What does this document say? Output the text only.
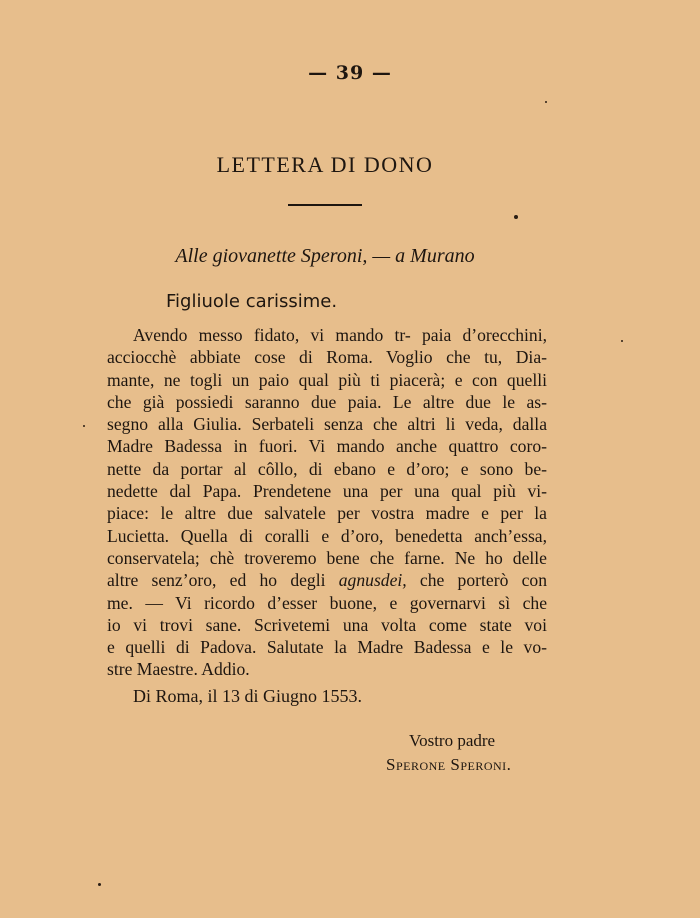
— 39 —
LETTERA DI DONO
Alle giovanette Speroni, — a Murano
Figliuole carissime.
Avendo messo fidato, vi mando tr- paia d’orecchini,
acciocchè abbiate cose di Roma. Voglio che tu, Dia-
mante, ne togli un paio qual più ti piacerà; e con quelli
che già possiedi saranno due paia. Le altre due le as-
segno alla Giulia. Serbateli senza che altri li veda, dalla
Madre Badessa in fuori. Vi mando anche quattro coro-
nette da portar al côllo, di ebano e d’oro; e sono be-
nedette dal Papa. Prendetene una per una qual più vi-
piace: le altre due salvatele per vostra madre e per la
Lucietta. Quella di coralli e d’oro, benedetta anch’essa,
conservatela; chè troveremo bene che farne. Ne ho delle
altre senz’oro, ed ho degli agnusdei, che porterò con
me. — Vi ricordo d’esser buone, e governarvi sì che
io vi trovi sane. Scrivetemi una volta come state voi
e quelli di Padova. Salutate la Madre Badessa e le vo-
stre Maestre. Addio.
Di Roma, il 13 di Giugno 1553.
Vostro padre
Sperone Speroni.
